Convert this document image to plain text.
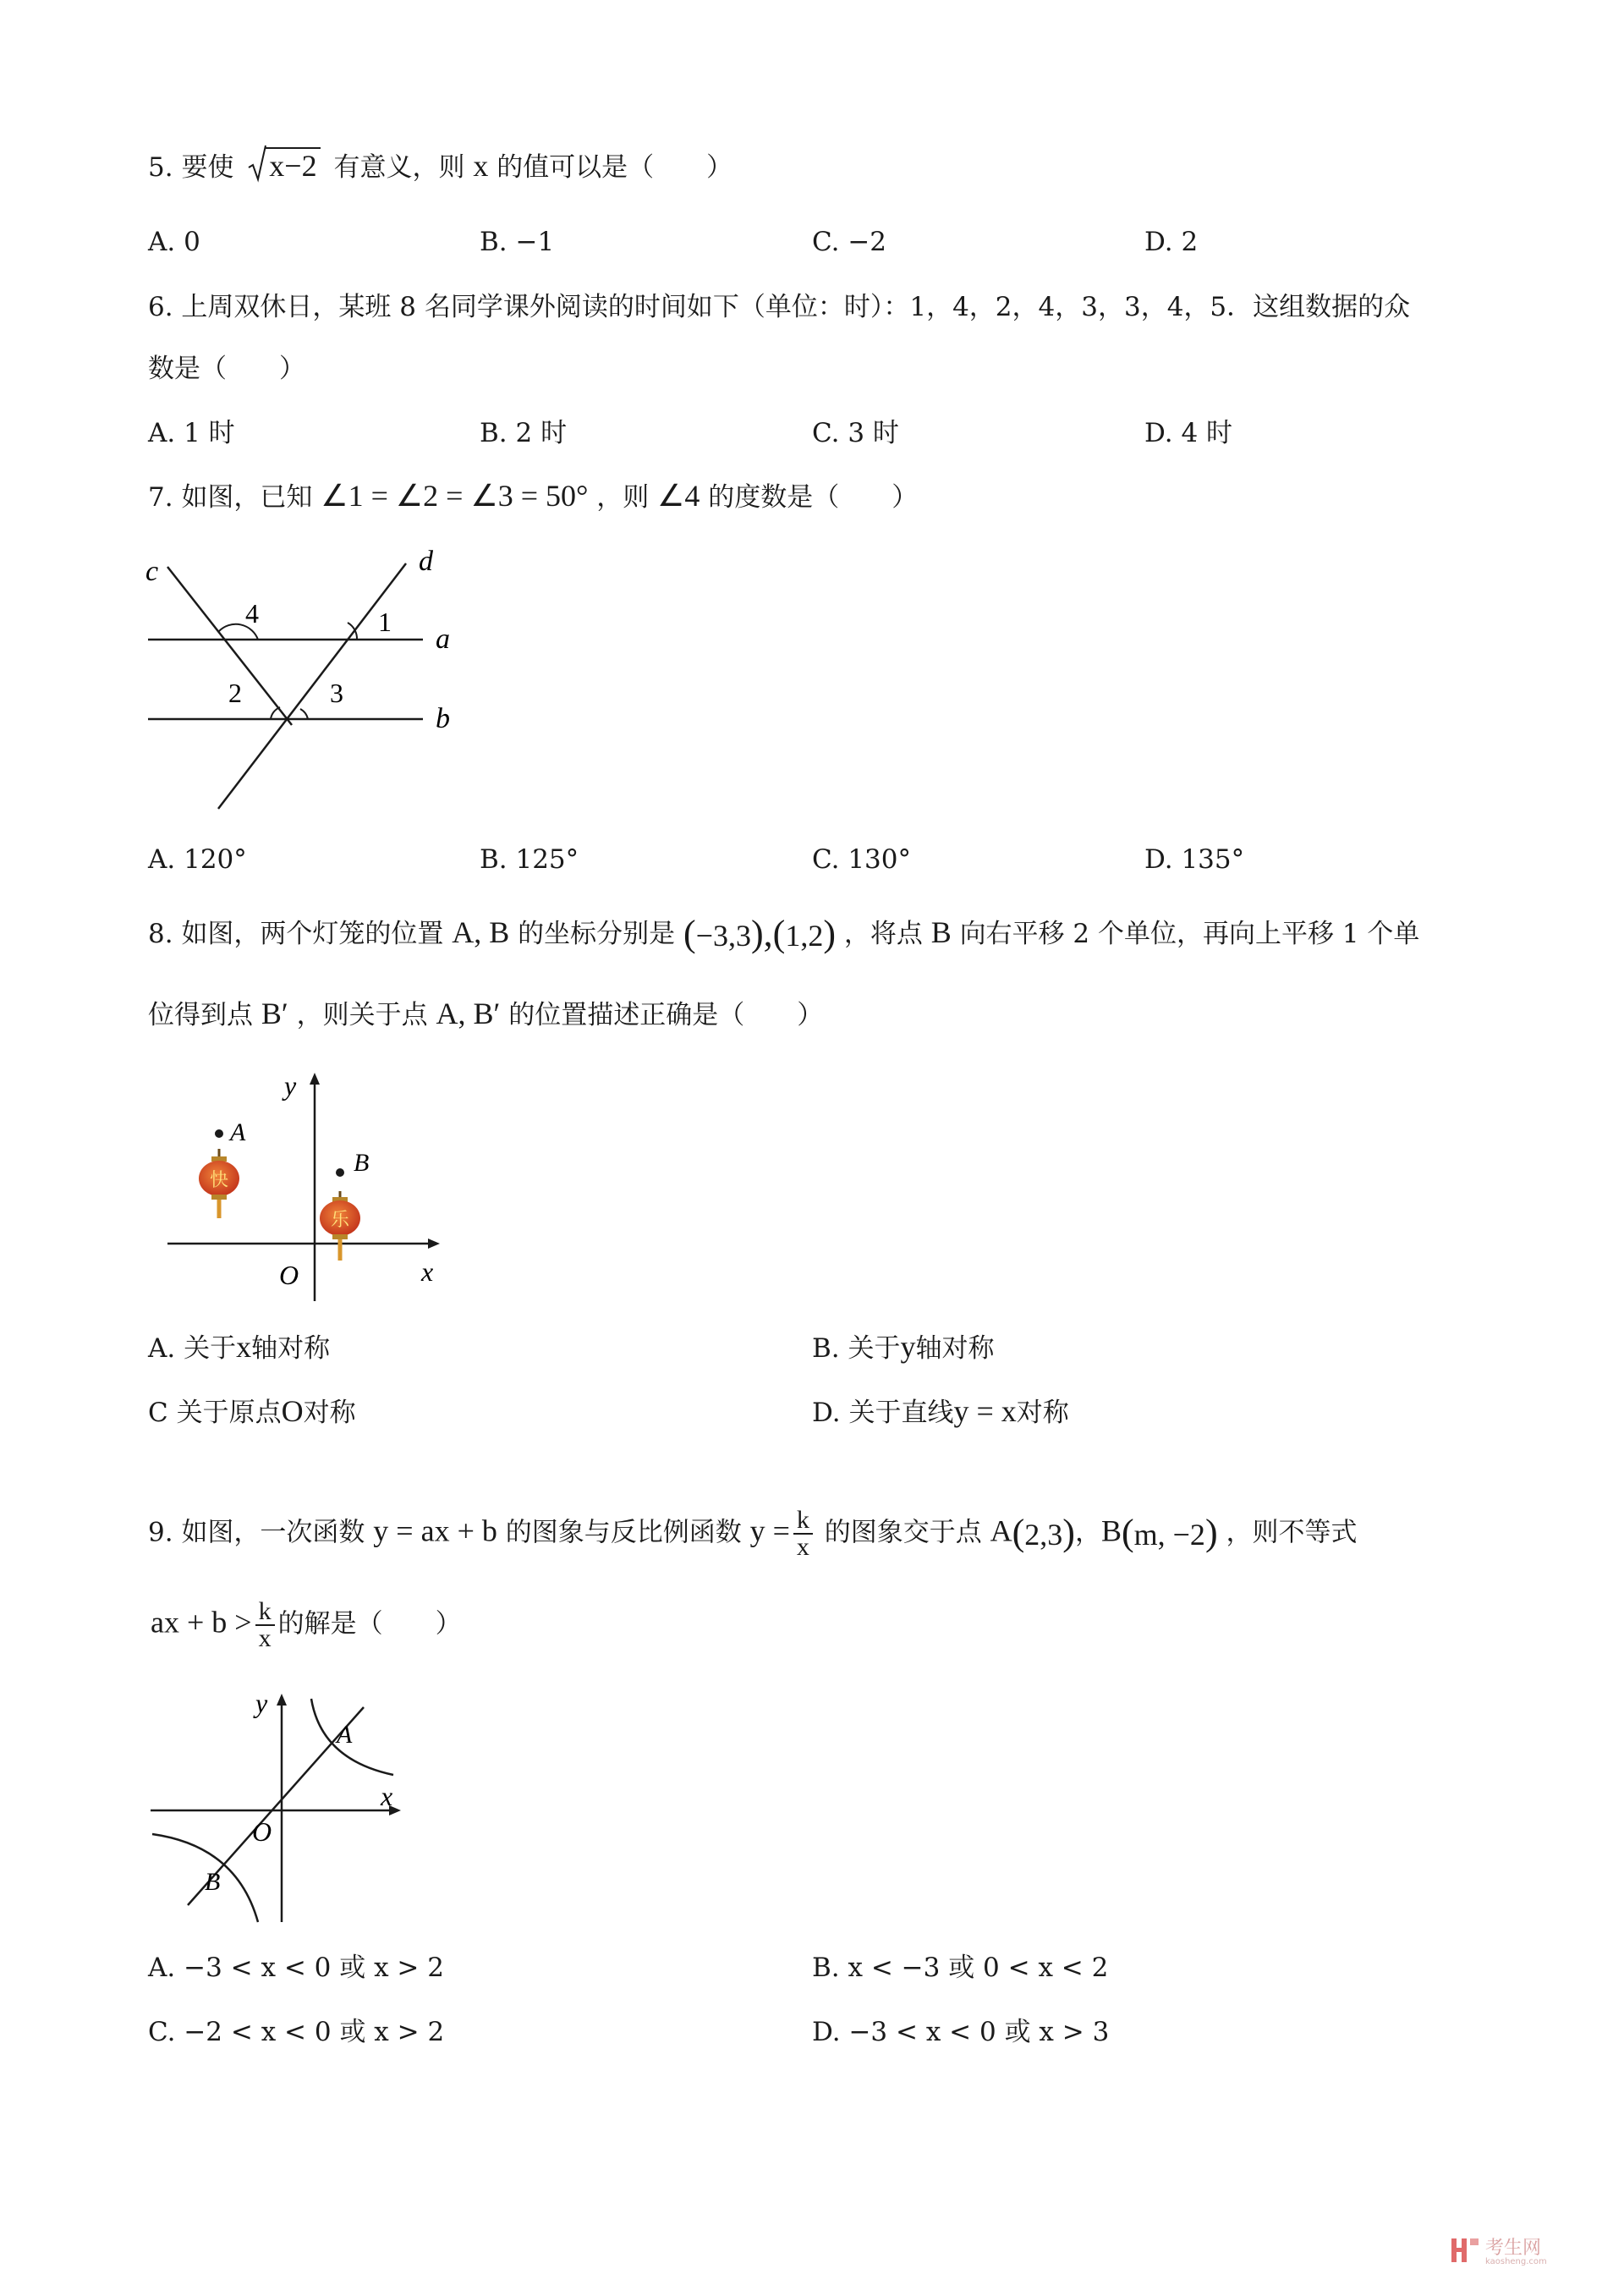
5. 要使 x−2 有意义，则 x 的值可以是（　　）
A. 0	B. −1	C. −2	D. 2
6. 上周双休日，某班 8 名同学课外阅读的时间如下（单位：时）：1，4，2，4，3，3，4，5．这组数据的众
数是（　　）
A. 1 时	B. 2 时	C. 3 时	D. 4 时
7. 如图，已知 ∠1 = ∠2 = ∠3 = 50° ，则 ∠4 的度数是（　　）
c	d
a
b
1
2	3
4
A. 120°	B. 125°	C. 130°	D. 135°
8. 如图，两个灯笼的位置 A, B 的坐标分别是 (−3,3),(1,2) ，将点 B 向右平移 2 个单位，再向上平移 1 个单
位得到点 B′ ，则关于点 A, B′ 的位置描述正确是（　　）
快
乐
y
A
B
O	x
A. 关于x轴对称	B. 关于y轴对称
C 关于原点O对称	D. 关于直线y = x对称
9. 如图，一次函数 y = ax + b 的图象与反比例函数 $y = \frac{k}{x}$ 的图象交于点 A(2,3)，B(m, −2) ，则不等式
ax + $b > \frac{k}{x}$ 的解是（　　）
y
A
O
x
B
A. −3 < x < 0 或 x > 2	B. x < −3 或 0 < x < 2
C. −2 < x < 0 或 x > 2	D. −3 < x < 0 或 x > 3
考生网
kaosheng.com
